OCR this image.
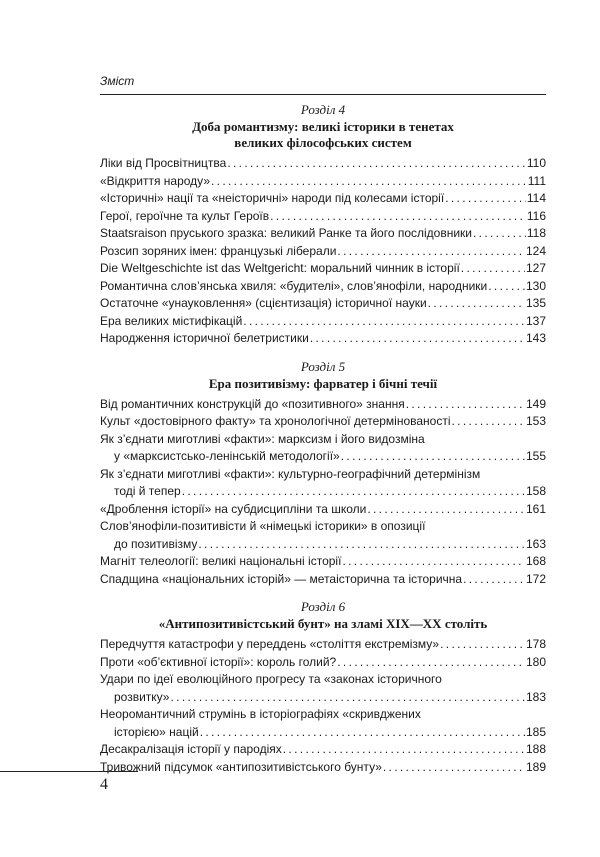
Зміст
Розділ 4
Доба романтизму: великі історики в тенетах
великих філософських систем
Ліки від Просвітництва . . .	110
«Відкриття народу» . . .	111
«Історичні» нації та «неісторичні» народи під колесами історії . . .	114
Герої, героїчне та культ Героїв . . .	116
Staatsraison пруського зразка: великий Ранке та його послідовники . . .	118
Розсип зоряних імен: французькі ліберали . . .	124
Die Weltgeschichte ist das Weltgericht: моральний чинник в історії . . .	127
Романтична слов’янська хвиля: «будителі», слов’янофіли, народники . . .	130
Остаточне «унауковлення» (сцієнтизація) історичної науки . . .	135
Ера великих містифікацій . . .	137
Народження історичної белетристики . . .	143
Розділ 5
Ера позитивізму: фарватер і бічні течії
Від романтичних конструкцій до «позитивного» знання . . .	149
Культ «достовірного факту» та хронологічної детермінованості . . .	153
Як з’єднати миготливі «факти»: марксизм і його видозміна
у «марксистсько-ленінській методології» . . .	155
Як з’єднати миготливі «факти»: культурно-географічний детермінізм
тоді й тепер . . .	158
«Дроблення історії» на субдисципліни та школи . . .	161
Слов’янофіли-позитивісти й «німецькі історики» в опозиції
до позитивізму . . .	163
Магніт телеології: великі національні історії . . .	168
Спадщина «національних історій» — метаісторична та історична . . .	172
Розділ 6
«Антипозитивістський бунт» на зламі XIX—XX століть
Передчуття катастрофи у переддень «століття екстремізму» . . .	178
Проти «об’єктивної історії»: король голий? . . .	180
Удари по ідеї еволюційного прогресу та «законах історичного
розвитку» . . .	183
Неоромантичний струмінь в історіографіях «скривджених
історією» націй . . .	185
Десакралізація історії у пародіях . . .	188
Тривожний підсумок «антипозитивістського бунту» . . .	189
4
